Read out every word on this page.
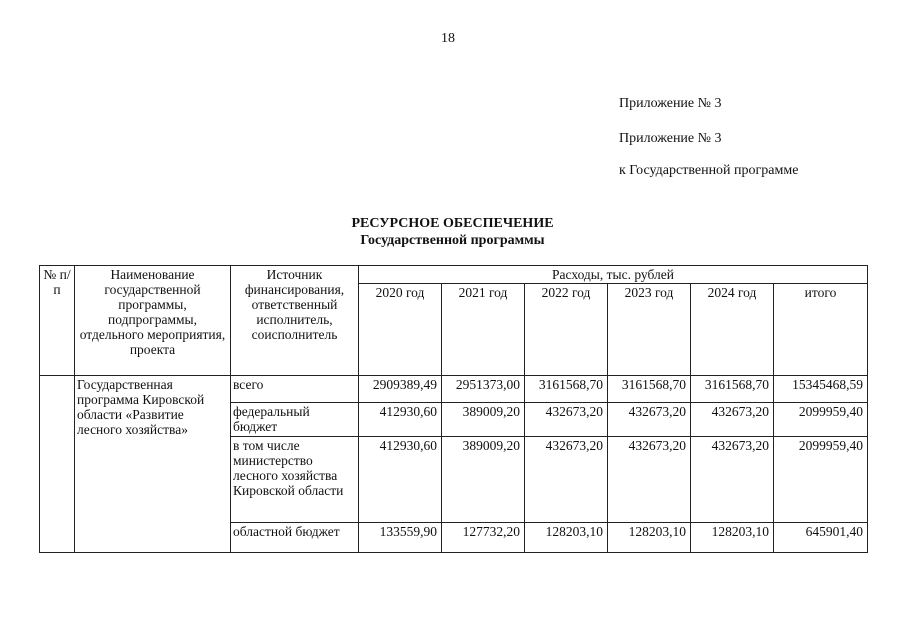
18
Приложение № 3
Приложение № 3
к Государственной программе
РЕСУРСНОЕ ОБЕСПЕЧЕНИЕ
Государственной программы
№ п/п	Наименование государственной программы, подпрограммы, отдельного мероприятия, проекта	Источник финансирования, ответственный исполнитель, соисполнитель	Расходы, тыс. рублей					
			2020 год	2021 год	2022 год	2023 год	2024 год	итого
	Государственная программа Кировской области «Развитие лесного хозяйства»	всего	2909389,49	2951373,00	3161568,70	3161568,70	3161568,70	15345468,59
		федеральный бюджет	412930,60	389009,20	432673,20	432673,20	432673,20	2099959,40
		в том числе министерство лесного хозяйства Кировской области	412930,60	389009,20	432673,20	432673,20	432673,20	2099959,40
		областной бюджет	133559,90	127732,20	128203,10	128203,10	128203,10	645901,40
